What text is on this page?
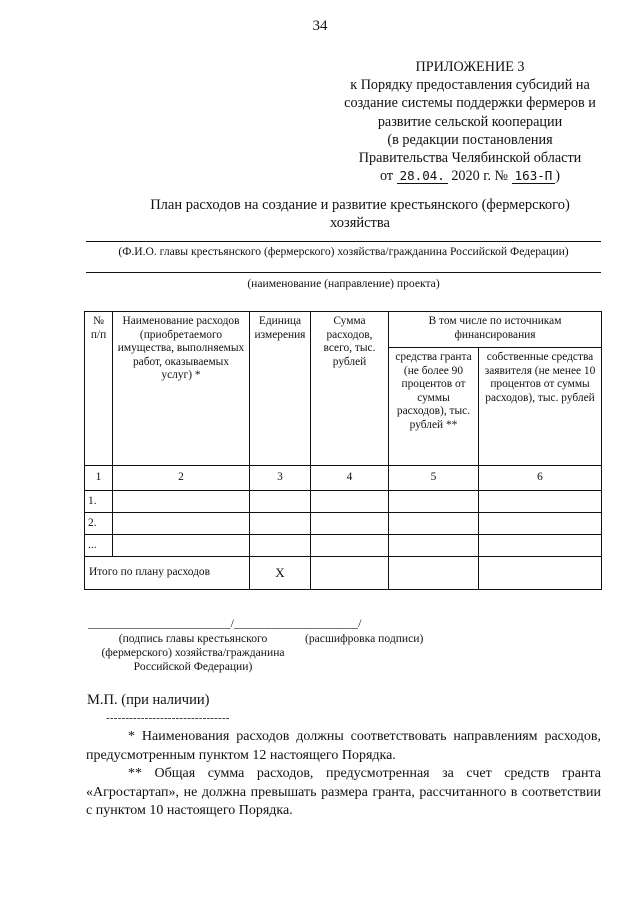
34
ПРИЛОЖЕНИЕ 3
к Порядку предоставления субсидий на
создание системы поддержки фермеров и
развитие сельской кооперации
(в редакции постановления
Правительства Челябинской области
от 28.04. 2020 г. № 163-П )
План расходов на создание и развитие крестьянского (фермерского)
хозяйства
(Ф.И.О. главы крестьянского (фермерского) хозяйства/гражданина Российской Федерации)
(наименование (направление) проекта)
№ п/п	Наименование расходов (приобретаемого имущества, выполняемых работ, оказываемых услуг) *	Единица измерения	Сумма расходов, всего, тыс. рублей	В том числе по источникам финансирования	
				средства гранта (не более 90 процентов от суммы расходов), тыс. рублей **	собственные средства заявителя (не менее 10 процентов от суммы расходов), тыс. рублей
1	2	3	4	5	6
1.					
2.					
...					
Итого по плану расходов		X			
_______________________/____________________/
(подпись главы крестьянского
(фермерского) хозяйства/гражданина
Российской Федерации)
(расшифровка подписи)
М.П. (при наличии)
--------------------------------

* Наименования расходов должны соответствовать направлениям расходов, предусмотренным пунктом 12 настоящего Порядка.

** Общая сумма расходов, предусмотренная за счет средств гранта «Агростартап», не должна превышать размера гранта, рассчитанного в соответствии с пунктом 10 настоящего Порядка.
